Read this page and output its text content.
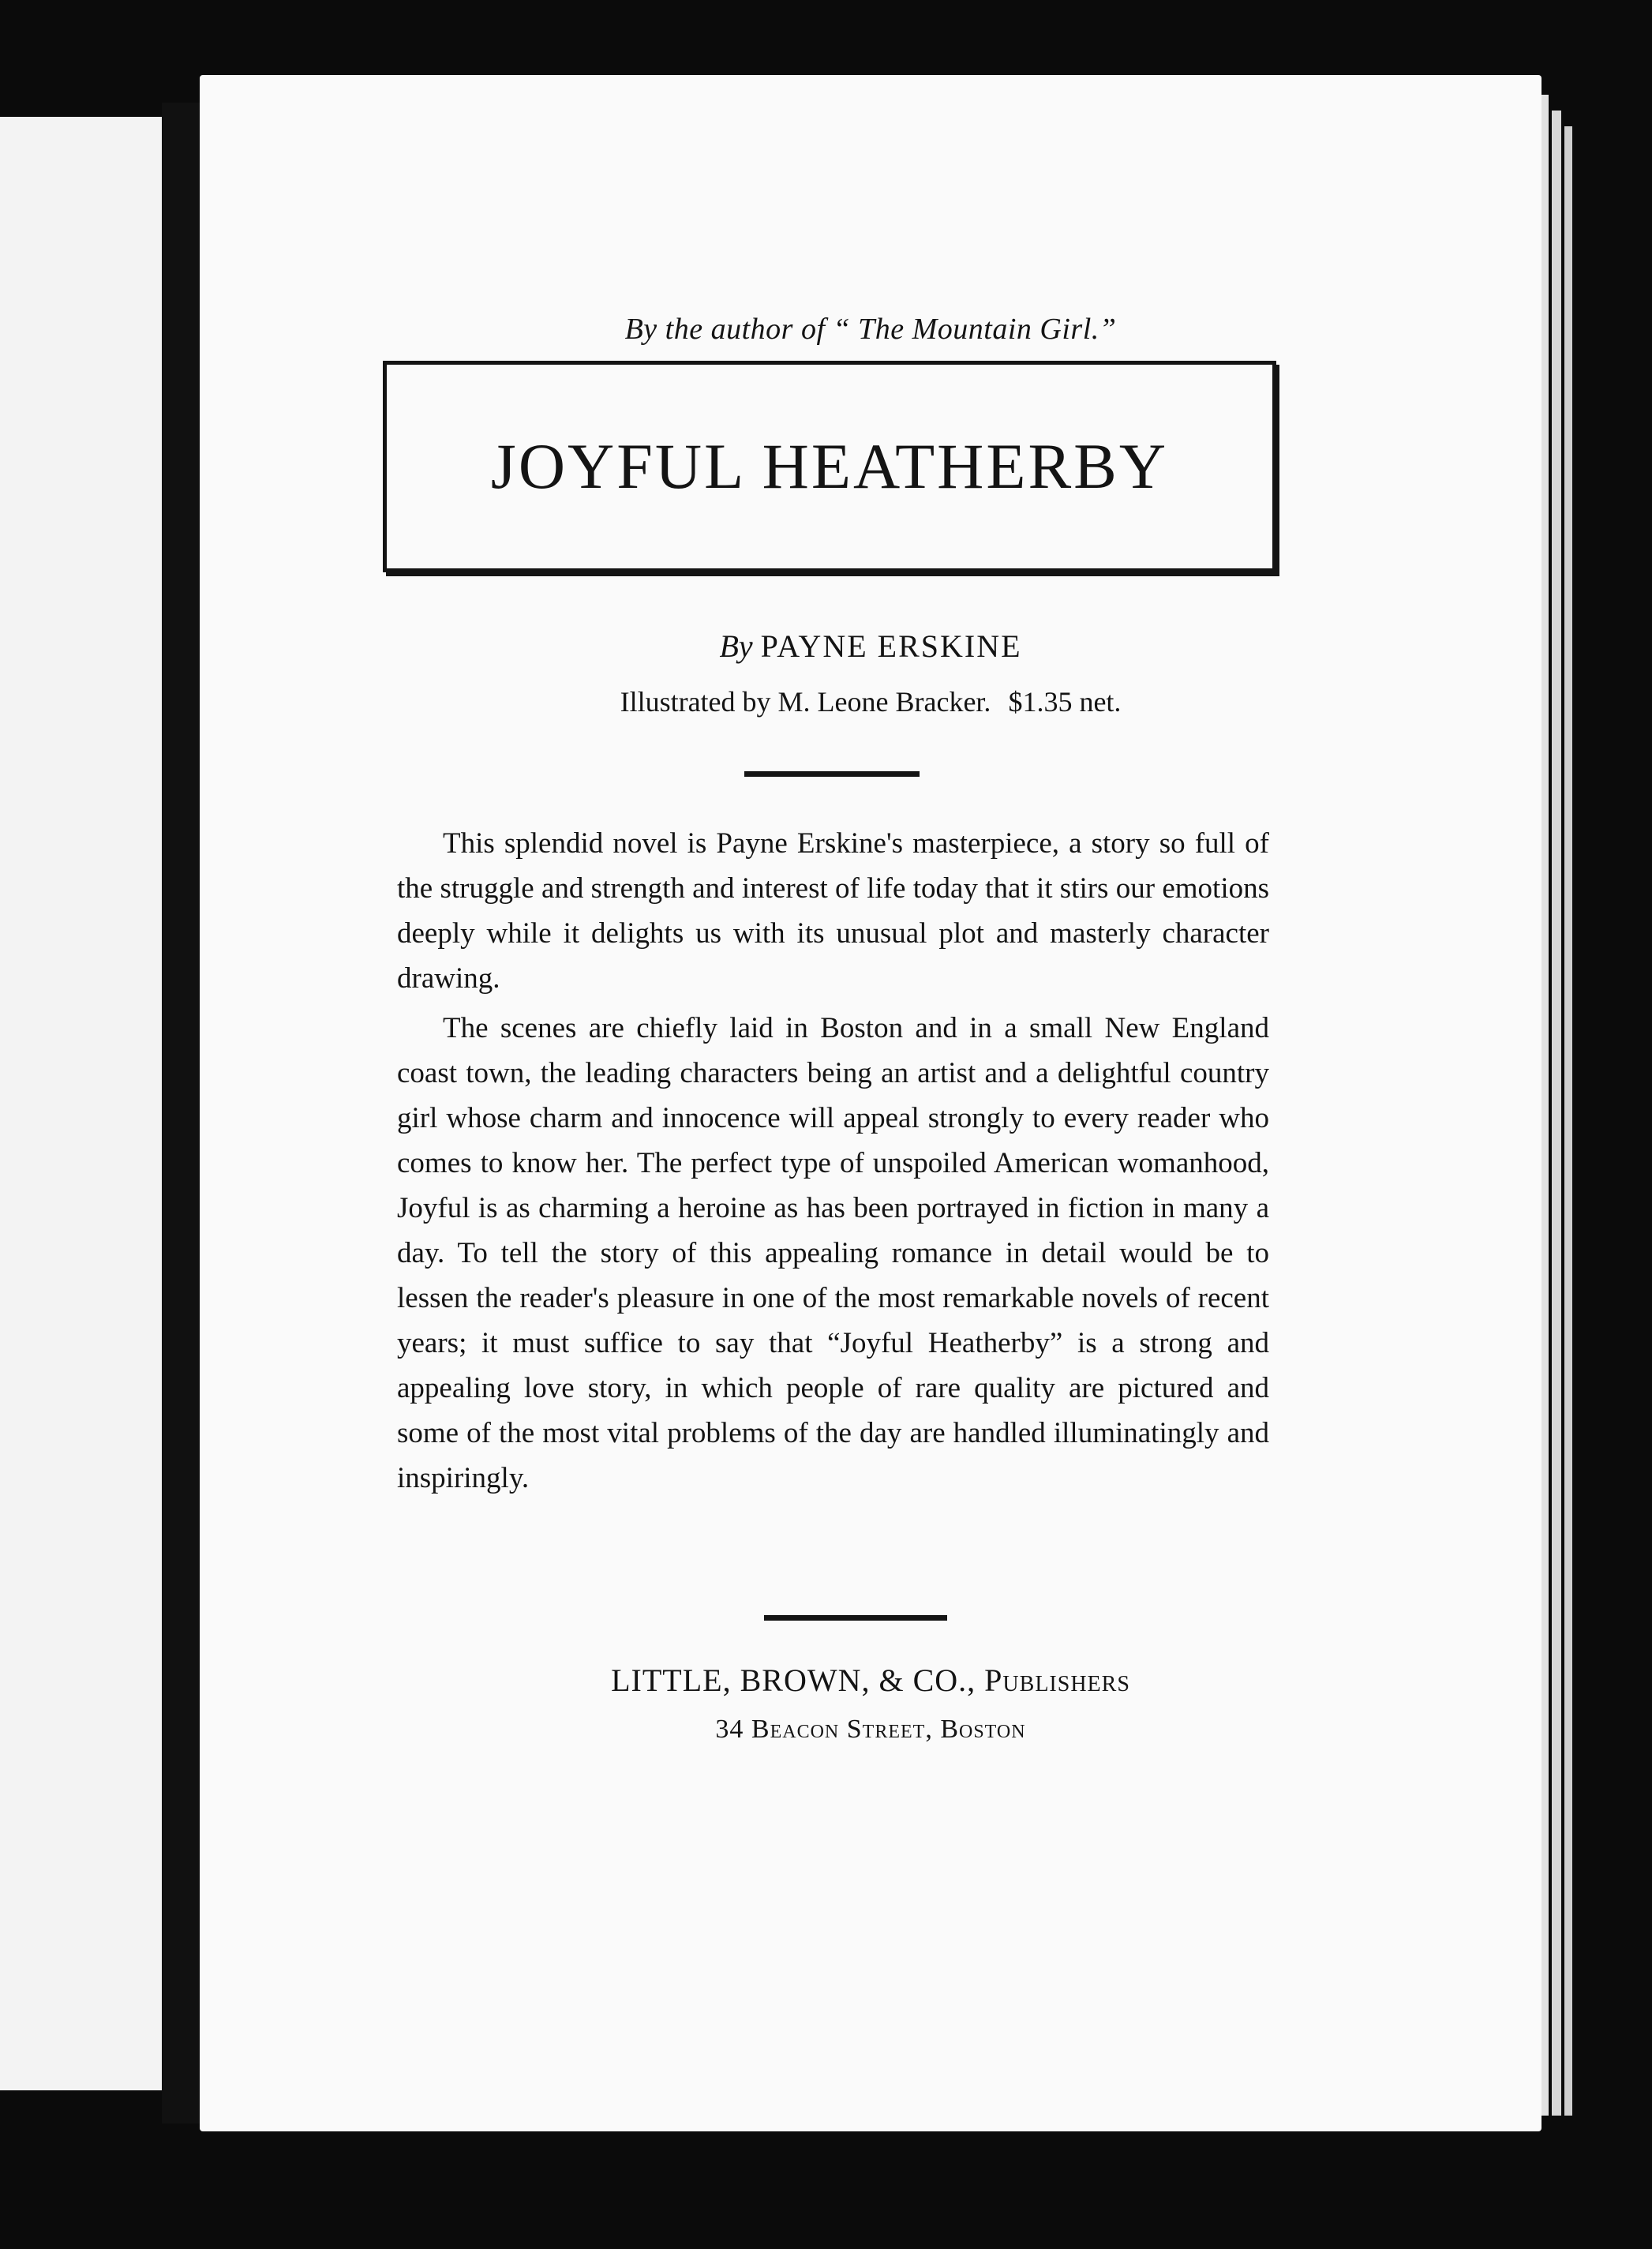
By the author of “ The Mountain Girl.”
JOYFUL HEATHERBY
By PAYNE ERSKINE
Illustrated by M. Leone Bracker. $1.35 net.

This splendid novel is Payne Erskine's masterpiece, a story so full of the struggle and strength and interest of life today that it stirs our emotions deeply while it delights us with its unusual plot and masterly character drawing.

The scenes are chiefly laid in Boston and in a small New England coast town, the leading characters being an artist and a delightful country girl whose charm and innocence will appeal strongly to every reader who comes to know her. The perfect type of unspoiled American womanhood, Joyful is as charming a heroine as has been portrayed in fiction in many a day. To tell the story of this appealing romance in detail would be to lessen the reader's pleasure in one of the most remarkable novels of recent years; it must suffice to say that “Joyful Heatherby” is a strong and appealing love story, in which people of rare quality are pictured and some of the most vital problems of the day are handled illuminatingly and inspiringly.

LITTLE, BROWN, & CO., Publishers
34 Beacon Street, Boston
